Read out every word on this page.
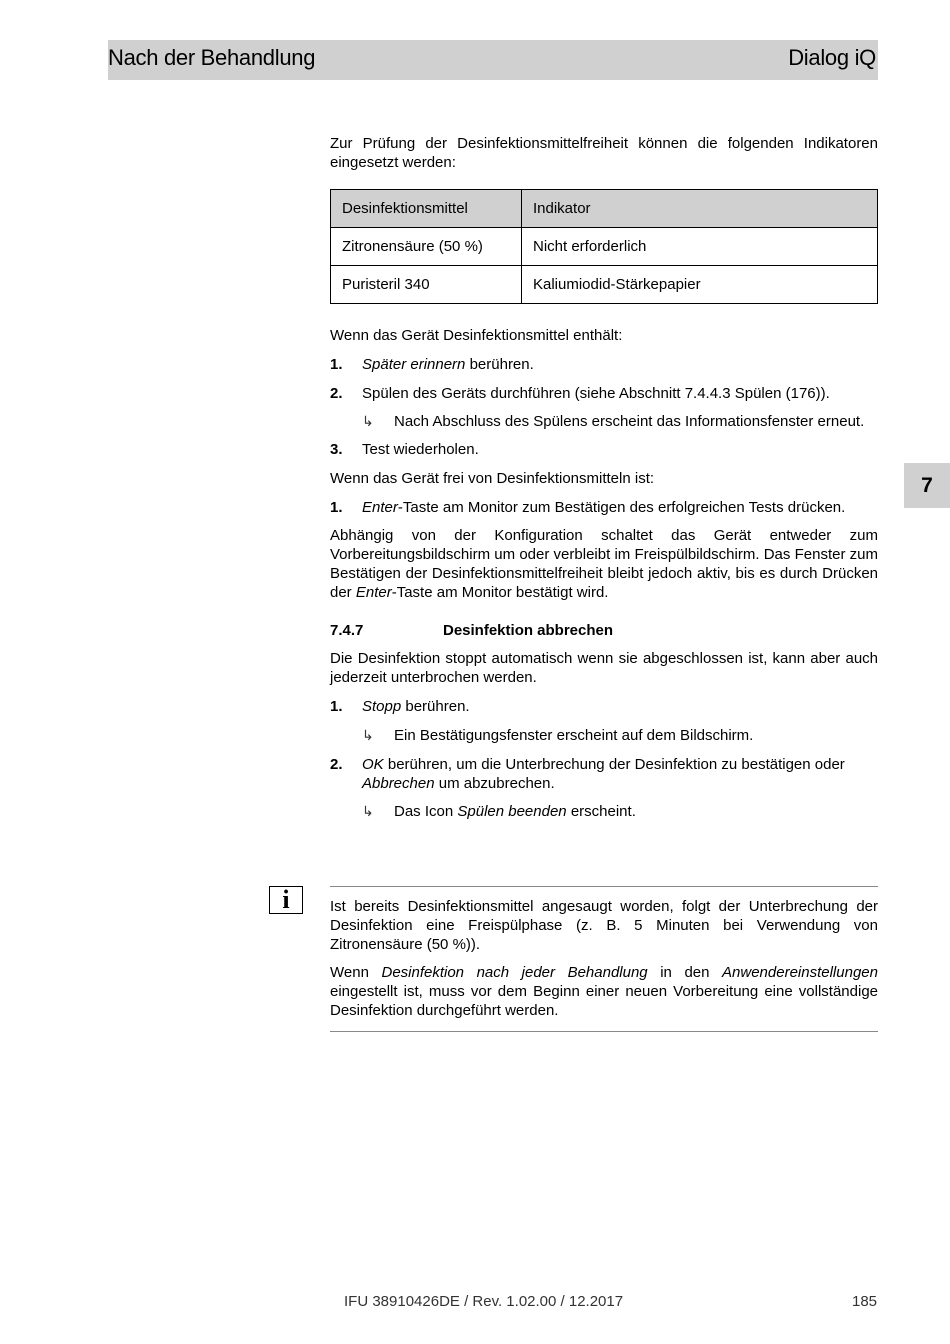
Nach der Behandlung	Dialog iQ
7

Zur Prüfung der Desinfektionsmittelfreiheit können die folgenden Indikatoren eingesetzt werden:

Desinfektionsmittel	Indikator
Zitronensäure (50 %)	Nicht erforderlich
Puristeril 340	Kaliumiodid-Stärkepapier

Wenn das Gerät Desinfektionsmittel enthält:

1. Später erinnern berühren.
2. Spülen des Geräts durchführen (siehe Abschnitt 7.4.4.3 Spülen (176)).
↳ Nach Abschluss des Spülens erscheint das Informationsfenster erneut.
3. Test wiederholen.

Wenn das Gerät frei von Desinfektionsmitteln ist:

1. Enter-Taste am Monitor zum Bestätigen des erfolgreichen Tests drücken.

Abhängig von der Konfiguration schaltet das Gerät entweder zum Vorbereitungsbildschirm um oder verbleibt im Freispülbildschirm. Das Fenster zum Bestätigen der Desinfektionsmittelfreiheit bleibt jedoch aktiv, bis es durch Drücken der Enter-Taste am Monitor bestätigt wird.

7.4.7	Desinfektion abbrechen

Die Desinfektion stoppt automatisch wenn sie abgeschlossen ist, kann aber auch jederzeit unterbrochen werden.

1. Stopp berühren.
↳ Ein Bestätigungsfenster erscheint auf dem Bildschirm.
2. OK berühren, um die Unterbrechung der Desinfektion zu bestätigen oder Abbrechen um abzubrechen.
↳ Das Icon Spülen beenden erscheint.
i	Ist bereits Desinfektionsmittel angesaugt worden, folgt der Unterbrechung der Desinfektion eine Freispülphase (z. B. 5 Minuten bei Verwendung von Zitronensäure (50 %)).

Wenn Desinfektion nach jeder Behandlung in den Anwendereinstellungen eingestellt ist, muss vor dem Beginn einer neuen Vorbereitung eine vollständige Desinfektion durchgeführt werden.

IFU 38910426DE / Rev. 1.02.00 / 12.2017	185
